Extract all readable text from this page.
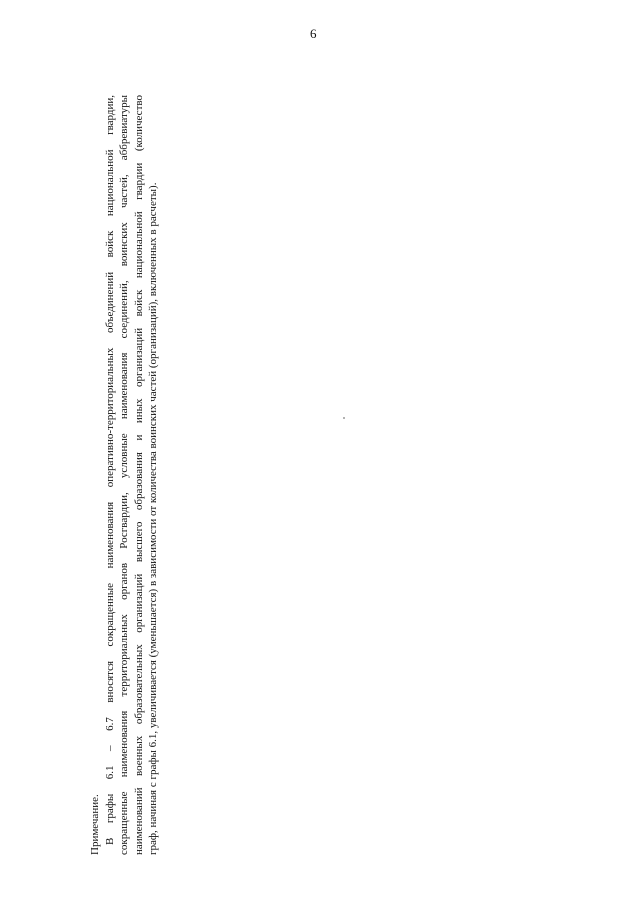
6
Примечание. В графы 6.1 – 6.7 вносятся сокращенные наименования оперативно-территориальных объединений войск национальной гвардии, сокращенные наименования территориальных органов Росгвардии, условные наименования соединений, воинских частей, аббревиатуры наименований военных образовательных организаций высшего образования и иных организаций войск национальной гвардии (количество граф, начиная с графы 6.1, увеличивается (уменьшается) в зависимости от количества воинских частей (организаций), включенных в расчеты).
